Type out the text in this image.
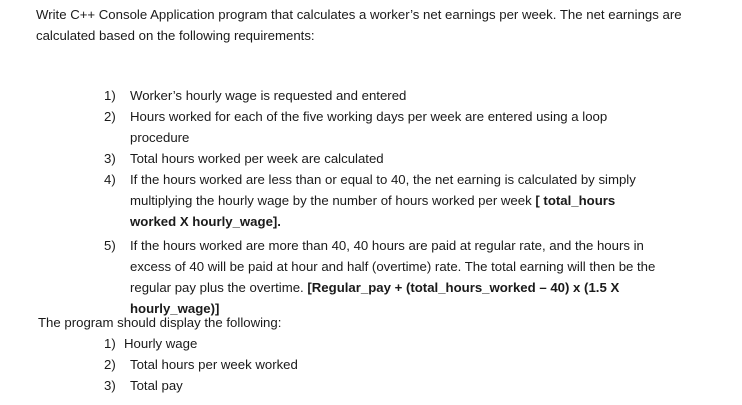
Write C++ Console Application program that calculates a worker’s net earnings per week. The net earnings are calculated based on the following requirements:

1)	Worker’s hourly wage is requested and entered
2)	Hours worked for each of the five working days per week are entered using a loop procedure
3)	Total hours worked per week are calculated
4)	If the hours worked are less than or equal to 40, the net earning is calculated by simply multiplying the hourly wage by the number of hours worked per week [ total_hours worked X hourly_wage].
5)	If the hours worked are more than 40, 40 hours are paid at regular rate, and the hours in excess of 40 will be paid at hour and half (overtime) rate. The total earning will then be the regular pay plus the overtime. [Regular_pay + (total_hours_worked – 40) x (1.5 X hourly_wage)]

The program should display the following:

1) Hourly wage
2)	Total hours per week worked
3)	Total pay
